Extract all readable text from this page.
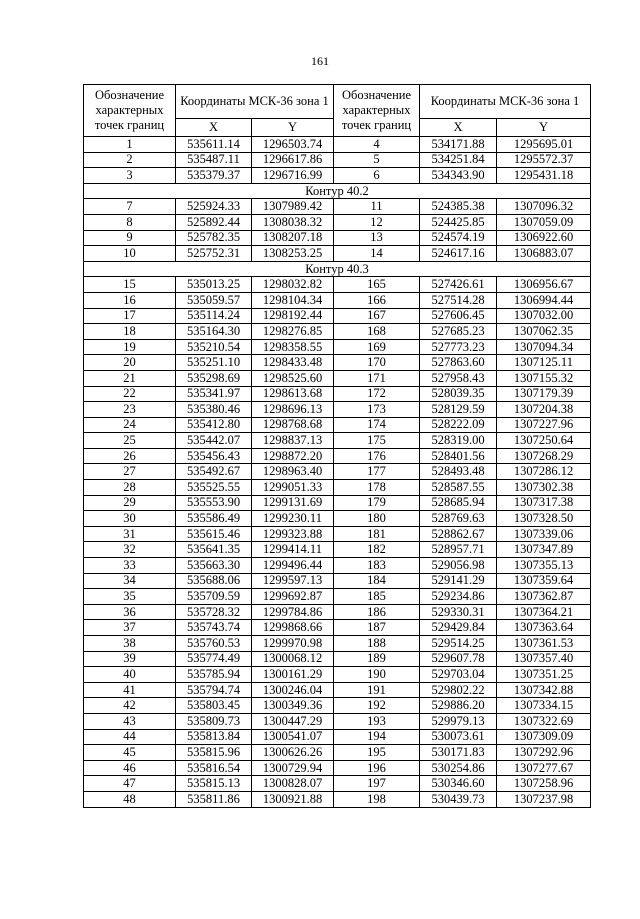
161
Обозначение характерных точек границ	Координаты МСК-36 зона 1		Обозначение характерных точек границ	Координаты МСК-36 зона 1	
	X	Y		X	Y
1	535611.14	1296503.74	4	534171.88	1295695.01
2	535487.11	1296617.86	5	534251.84	1295572.37
3	535379.37	1296716.99	6	534343.90	1295431.18
Контур 40.2					
7	525924.33	1307989.42	11	524385.38	1307096.32
8	525892.44	1308038.32	12	524425.85	1307059.09
9	525782.35	1308207.18	13	524574.19	1306922.60
10	525752.31	1308253.25	14	524617.16	1306883.07
Контур 40.3					
15	535013.25	1298032.82	165	527426.61	1306956.67
16	535059.57	1298104.34	166	527514.28	1306994.44
17	535114.24	1298192.44	167	527606.45	1307032.00
18	535164.30	1298276.85	168	527685.23	1307062.35
19	535210.54	1298358.55	169	527773.23	1307094.34
20	535251.10	1298433.48	170	527863.60	1307125.11
21	535298.69	1298525.60	171	527958.43	1307155.32
22	535341.97	1298613.68	172	528039.35	1307179.39
23	535380.46	1298696.13	173	528129.59	1307204.38
24	535412.80	1298768.68	174	528222.09	1307227.96
25	535442.07	1298837.13	175	528319.00	1307250.64
26	535456.43	1298872.20	176	528401.56	1307268.29
27	535492.67	1298963.40	177	528493.48	1307286.12
28	535525.55	1299051.33	178	528587.55	1307302.38
29	535553.90	1299131.69	179	528685.94	1307317.38
30	535586.49	1299230.11	180	528769.63	1307328.50
31	535615.46	1299323.88	181	528862.67	1307339.06
32	535641.35	1299414.11	182	528957.71	1307347.89
33	535663.30	1299496.44	183	529056.98	1307355.13
34	535688.06	1299597.13	184	529141.29	1307359.64
35	535709.59	1299692.87	185	529234.86	1307362.87
36	535728.32	1299784.86	186	529330.31	1307364.21
37	535743.74	1299868.66	187	529429.84	1307363.64
38	535760.53	1299970.98	188	529514.25	1307361.53
39	535774.49	1300068.12	189	529607.78	1307357.40
40	535785.94	1300161.29	190	529703.04	1307351.25
41	535794.74	1300246.04	191	529802.22	1307342.88
42	535803.45	1300349.36	192	529886.20	1307334.15
43	535809.73	1300447.29	193	529979.13	1307322.69
44	535813.84	1300541.07	194	530073.61	1307309.09
45	535815.96	1300626.26	195	530171.83	1307292.96
46	535816.54	1300729.94	196	530254.86	1307277.67
47	535815.13	1300828.07	197	530346.60	1307258.96
48	535811.86	1300921.88	198	530439.73	1307237.98
